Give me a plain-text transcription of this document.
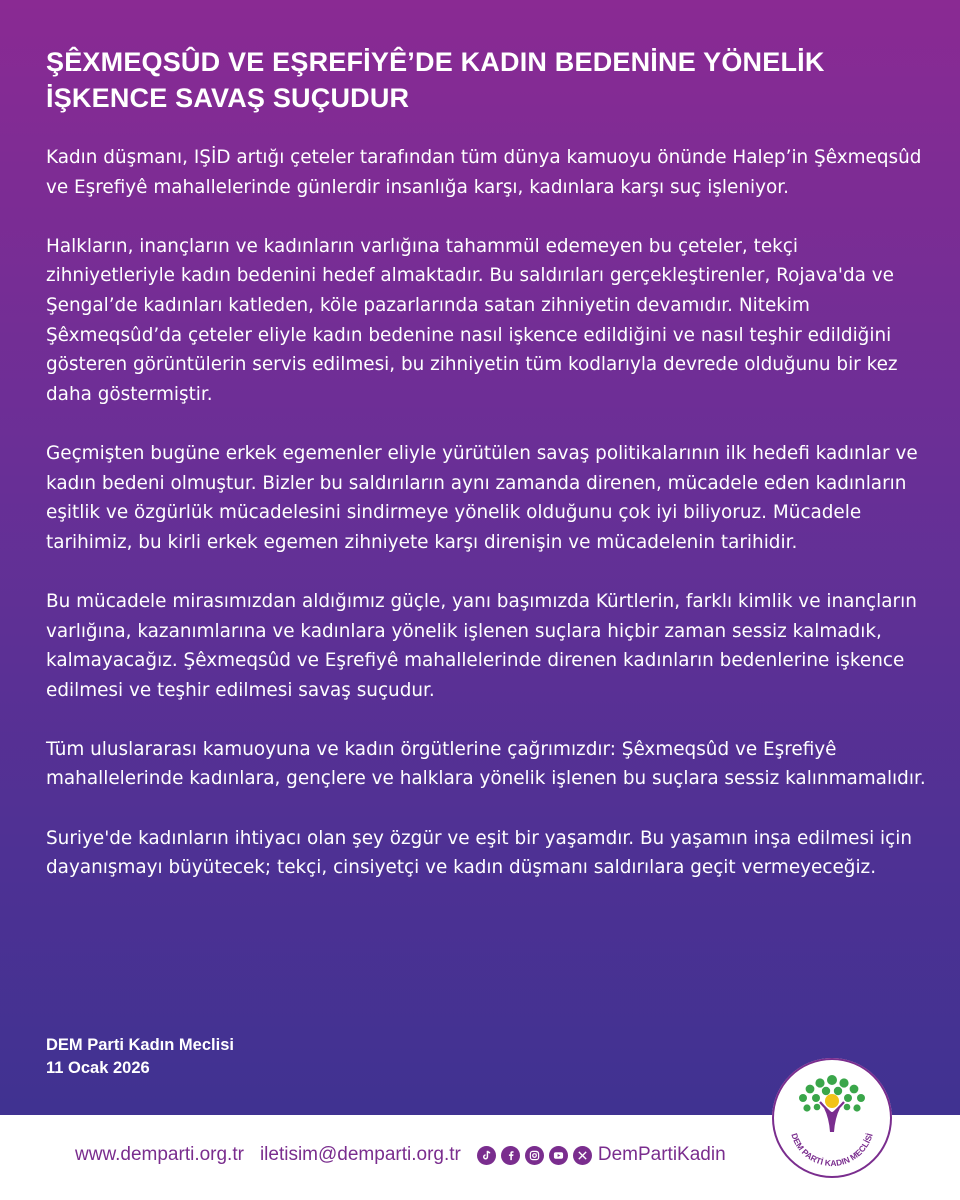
ŞÊXMEQSÛD VE EŞREFİYÊ’DE KADIN BEDENİNE YÖNELİK İŞKENCE SAVAŞ SUÇUDUR

Kadın düşmanı, IŞİD artığı çeteler tarafından tüm dünya kamuoyu önünde Halep’in Şêxmeqsûd ve Eşrefiyê mahallelerinde günlerdir insanlığa karşı, kadınlara karşı suç işleniyor.

Halkların, inançların ve kadınların varlığına tahammül edemeyen bu çeteler, tekçi zihniyetleriyle kadın bedenini hedef almaktadır. Bu saldırıları gerçekleştirenler, Rojava'da ve Şengal’de kadınları katleden, köle pazarlarında satan zihniyetin devamıdır. Nitekim Şêxmeqsûd’da çeteler eliyle kadın bedenine nasıl işkence edildiğini ve nasıl teşhir edildiğini gösteren görüntülerin servis edilmesi, bu zihniyetin tüm kodlarıyla devrede olduğunu bir kez daha göstermiştir.

Geçmişten bugüne erkek egemenler eliyle yürütülen savaş politikalarının ilk hedefi kadınlar ve kadın bedeni olmuştur. Bizler bu saldırıların aynı zamanda direnen, mücadele eden kadınların eşitlik ve özgürlük mücadelesini sindirmeye yönelik olduğunu çok iyi biliyoruz. Mücadele tarihimiz, bu kirli erkek egemen zihniyete karşı direnişin ve mücadelenin tarihidir.

Bu mücadele mirasımızdan aldığımız güçle, yanı başımızda Kürtlerin, farklı kimlik ve inançların varlığına, kazanımlarına ve kadınlara yönelik işlenen suçlara hiçbir zaman sessiz kalmadık, kalmayacağız. Şêxmeqsûd ve Eşrefiyê mahallelerinde direnen kadınların bedenlerine işkence edilmesi ve teşhir edilmesi savaş suçudur.

Tüm uluslararası kamuoyuna ve kadın örgütlerine çağrımızdır: Şêxmeqsûd ve Eşrefiyê mahallelerinde kadınlara, gençlere ve halklara yönelik işlenen bu suçlara sessiz kalınmamalıdır.

Suriye'de kadınların ihtiyacı olan şey özgür ve eşit bir yaşamdır. Bu yaşamın inşa edilmesi için dayanışmayı büyütecek; tekçi, cinsiyetçi ve kadın düşmanı saldırılara geçit vermeyeceğiz.

DEM Parti Kadın Meclisi
11 Ocak 2026
www.demparti.org.tr iletisim@demparti.org.tr	DemPartiKadin
DEM PARTİ KADIN MECLİSİ
